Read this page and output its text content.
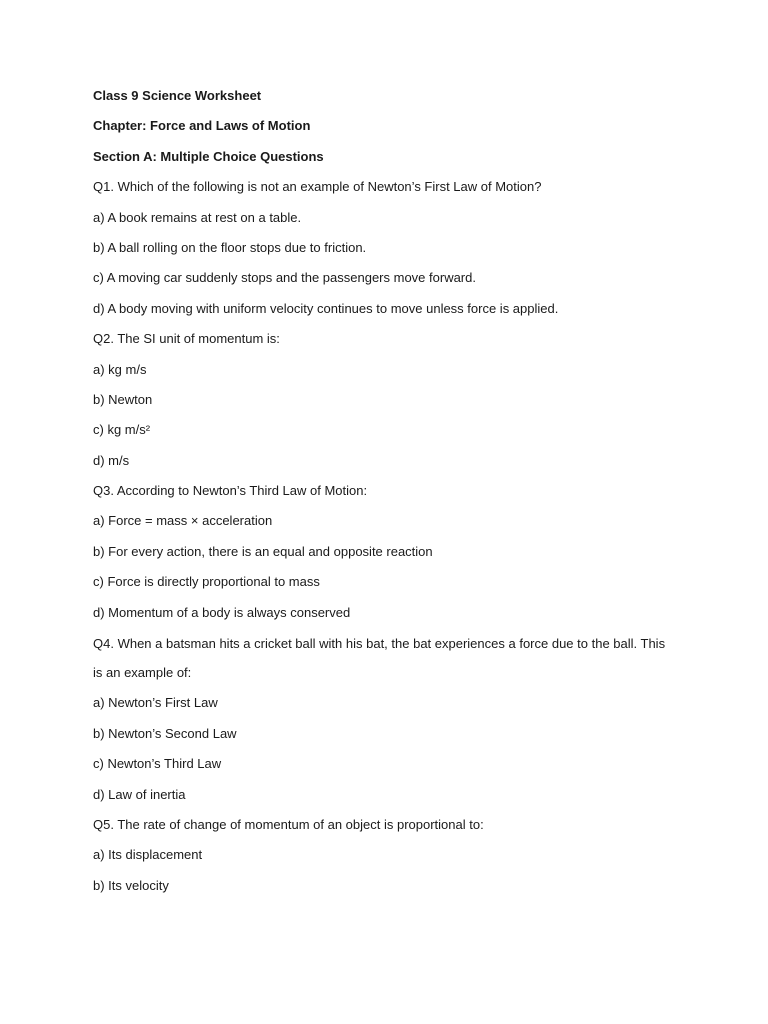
Class 9 Science Worksheet

Chapter: Force and Laws of Motion

Section A: Multiple Choice Questions

Q1. Which of the following is not an example of Newton’s First Law of Motion?

a) A book remains at rest on a table.

b) A ball rolling on the floor stops due to friction.

c) A moving car suddenly stops and the passengers move forward.

d) A body moving with uniform velocity continues to move unless force is applied.

Q2. The SI unit of momentum is:

a) kg m/s

b) Newton

c) kg m/s²

d) m/s

Q3. According to Newton’s Third Law of Motion:

a) Force = mass × acceleration

b) For every action, there is an equal and opposite reaction

c) Force is directly proportional to mass

d) Momentum of a body is always conserved

Q4. When a batsman hits a cricket ball with his bat, the bat experiences a force due to the ball. This

is an example of:

a) Newton’s First Law

b) Newton’s Second Law

c) Newton’s Third Law

d) Law of inertia

Q5. The rate of change of momentum of an object is proportional to:

a) Its displacement

b) Its velocity
